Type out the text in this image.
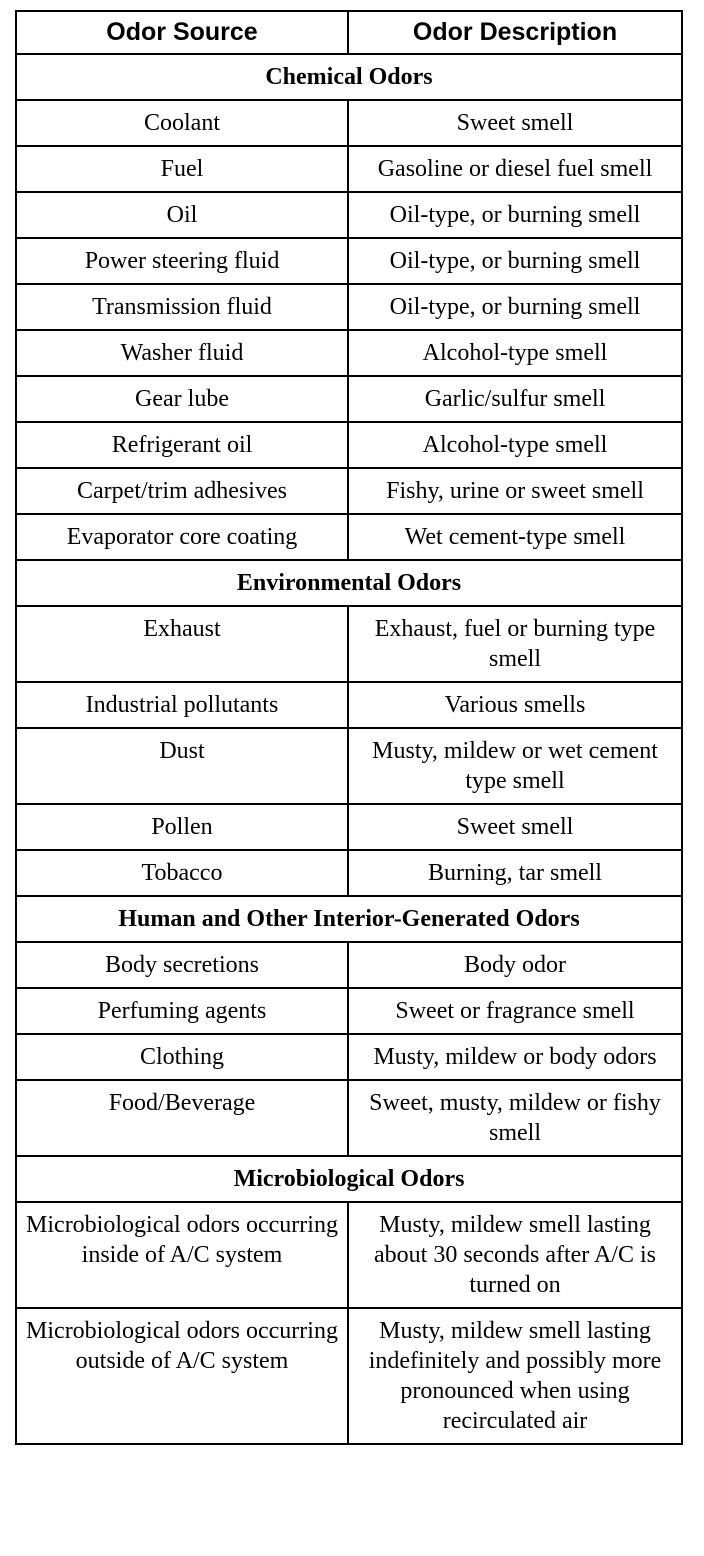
Odor Source	Odor Description
Chemical Odors	
Coolant	Sweet smell
Fuel	Gasoline or diesel fuel smell
Oil	Oil-type, or burning smell
Power steering fluid	Oil-type, or burning smell
Transmission fluid	Oil-type, or burning smell
Washer fluid	Alcohol-type smell
Gear lube	Garlic/sulfur smell
Refrigerant oil	Alcohol-type smell
Carpet/trim adhesives	Fishy, urine or sweet smell
Evaporator core coating	Wet cement-type smell
Environmental Odors	
Exhaust	Exhaust, fuel or burning type smell
Industrial pollutants	Various smells
Dust	Musty, mildew or wet cement type smell
Pollen	Sweet smell
Tobacco	Burning, tar smell
Human and Other Interior-Generated Odors	
Body secretions	Body odor
Perfuming agents	Sweet or fragrance smell
Clothing	Musty, mildew or body odors
Food/Beverage	Sweet, musty, mildew or fishy smell
Microbiological Odors	
Microbiological odors occurring inside of A/C system	Musty, mildew smell lasting about 30 seconds after A/C is turned on
Microbiological odors occurring outside of A/C system	Musty, mildew smell lasting indefinitely and possibly more pronounced when using recirculated air
